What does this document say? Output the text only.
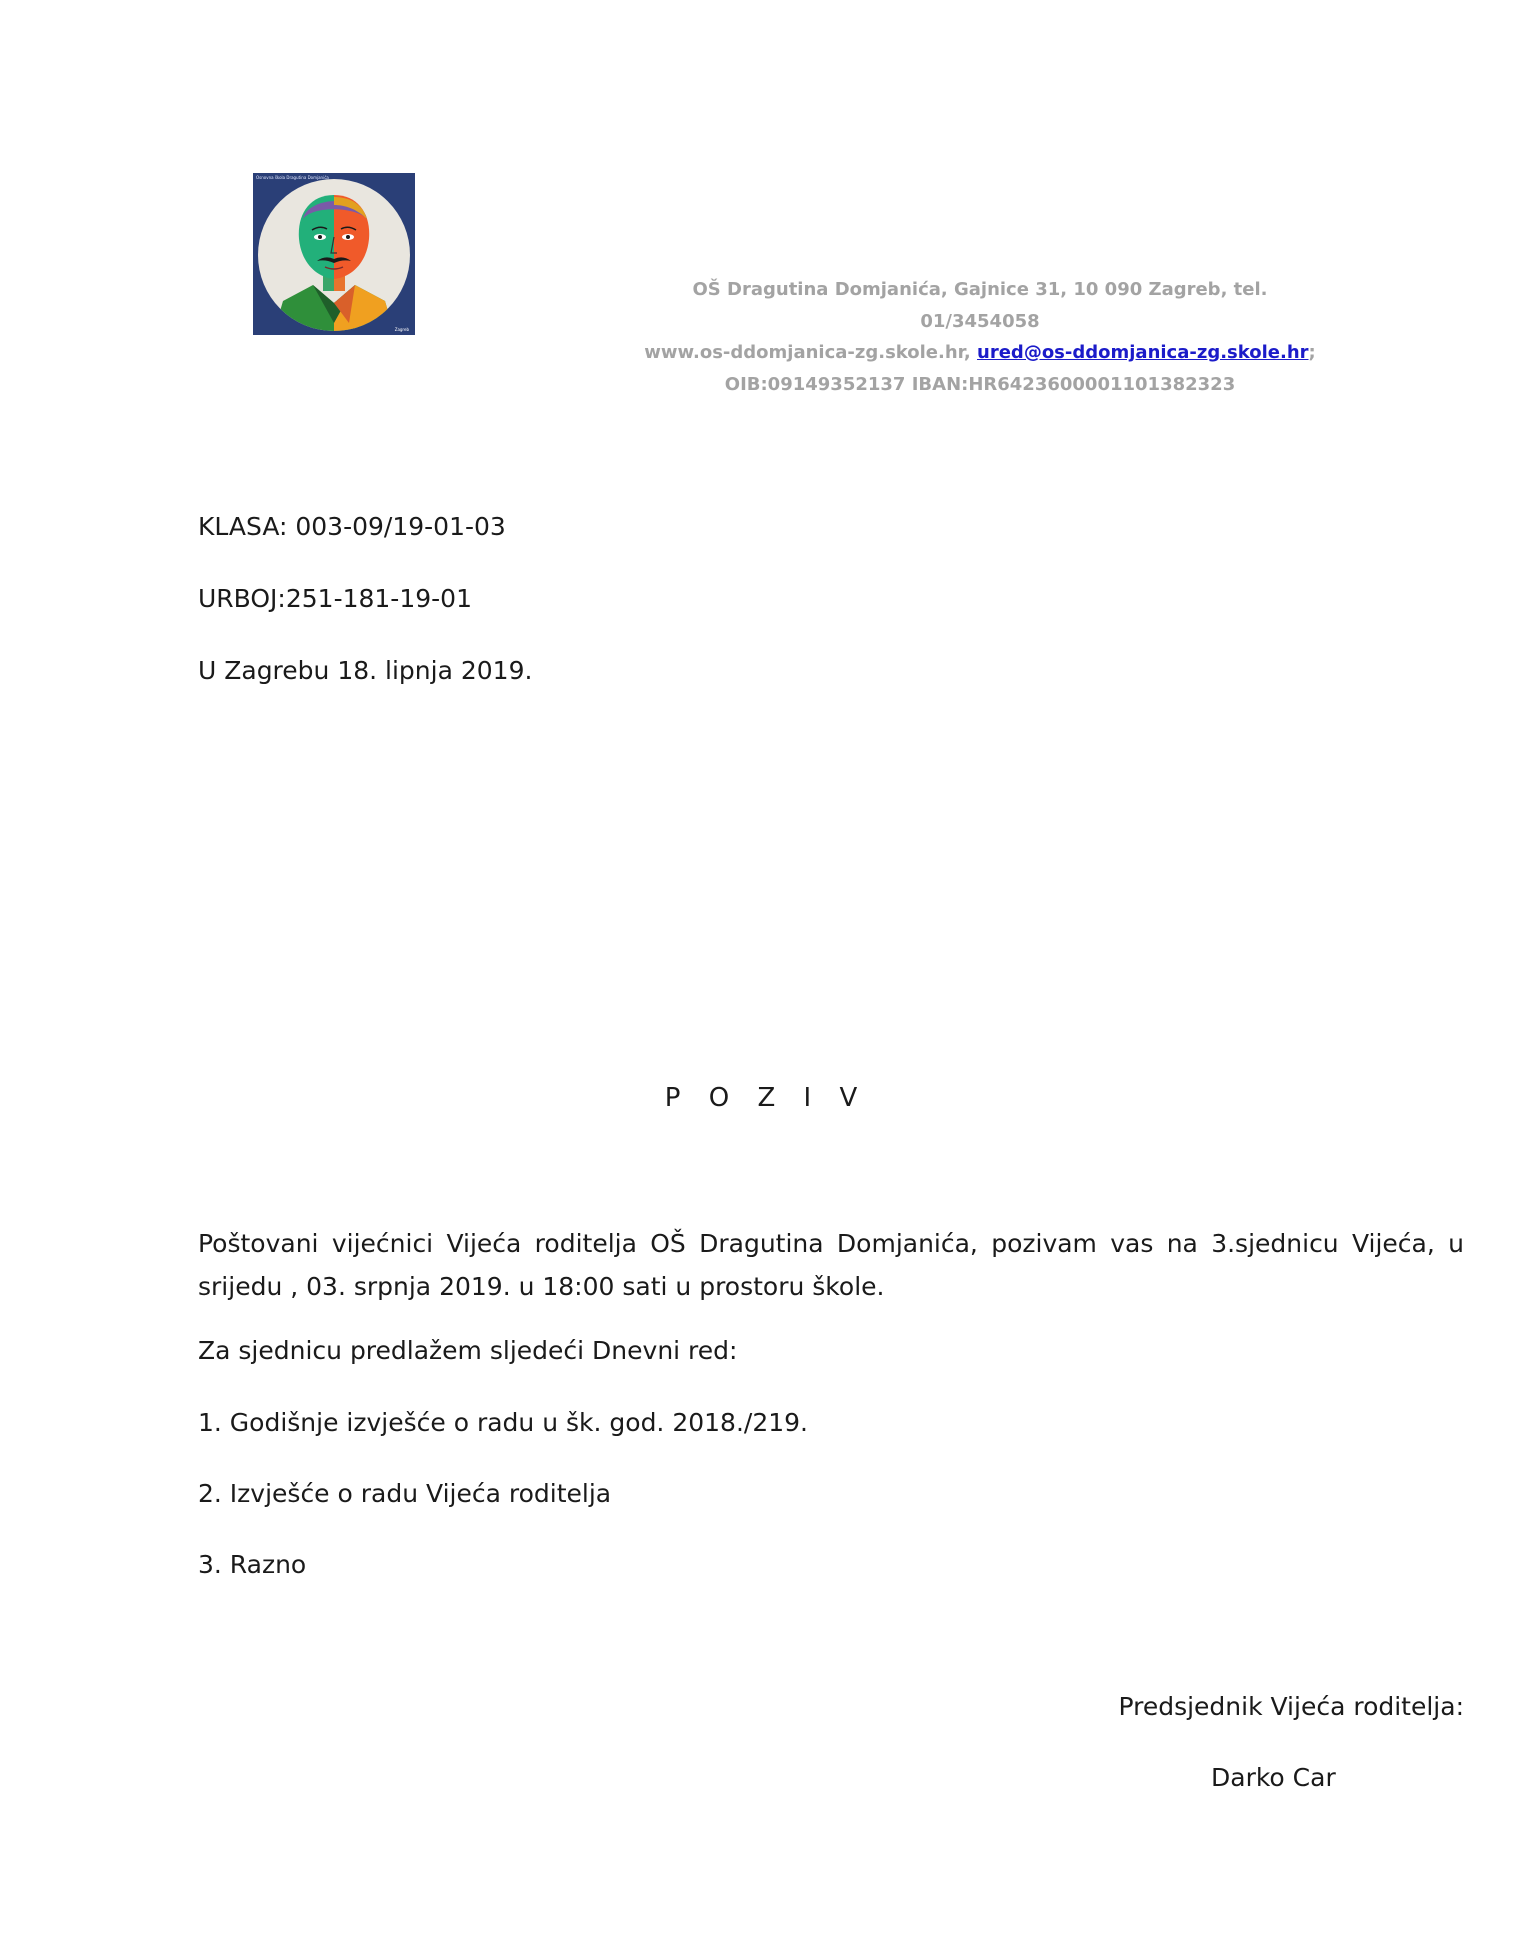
Osnovna škola Dragutina Domjanića
Zagreb
OŠ Dragutina Domjanića, Gajnice 31, 10 090 Zagreb, tel. 01/3454058
www.os-ddomjanica-zg.skole.hr, ured@os-ddomjanica-zg.skole.hr;
OIB:09149352137 IBAN:HR6423600001101382323
KLASA: 003-09/19-01-03
URBOJ:251-181-19-01
U Zagrebu 18. lipnja 2019.
P O Z I V
Poštovani vijećnici Vijeća roditelja OŠ Dragutina Domjanića, pozivam vas na 3.sjednicu Vijeća, u srijedu , 03. srpnja 2019. u 18:00 sati u prostoru škole.
Za sjednicu predlažem sljedeći Dnevni red:
1. Godišnje izvješće o radu u šk. god. 2018./219.
2. Izvješće o radu Vijeća roditelja
3. Razno
Predsjednik Vijeća roditelja:
Darko Car
